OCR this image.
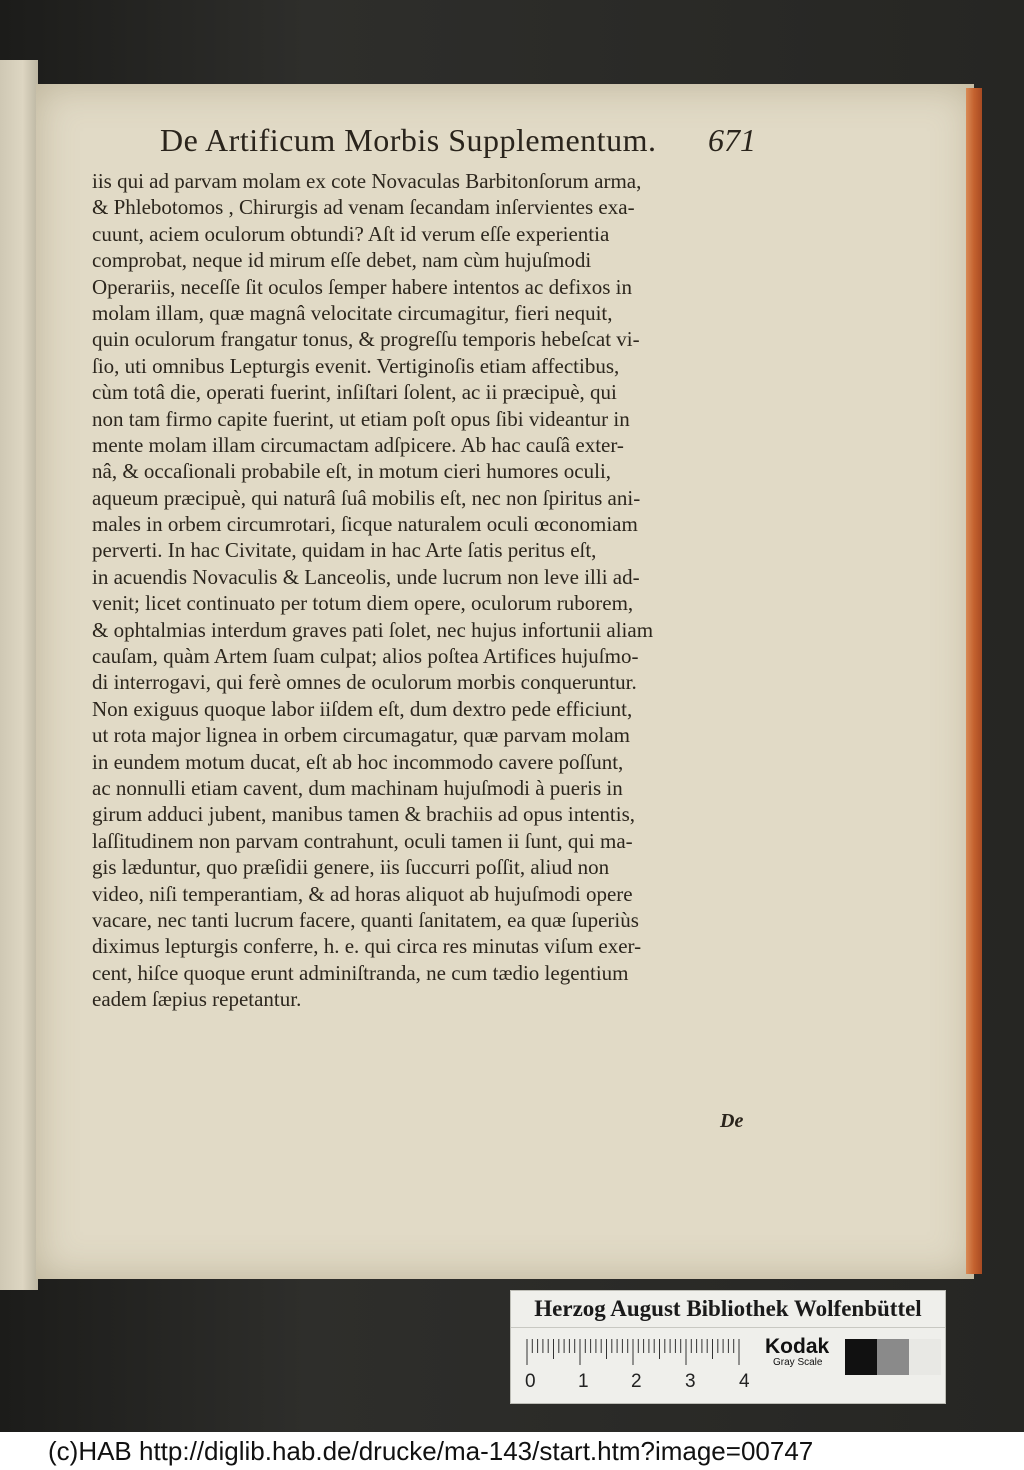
De Artificum Morbis Supplementum. 671
iis qui ad parvam molam ex cote Novaculas Barbitonſorum arma,
& Phlebotomos , Chirurgis ad venam ſecandam inſervientes exa-
cuunt, aciem oculorum obtundi? Aſt id verum eſſe experientia
comprobat, neque id mirum eſſe debet, nam cùm hujuſmodi
Operariis, neceſſe ſit oculos ſemper habere intentos ac defixos in
molam illam, quæ magnâ velocitate circumagitur, fieri nequit,
quin oculorum frangatur tonus, & progreſſu temporis hebeſcat vi-
ſio, uti omnibus Lepturgis evenit. Vertiginoſis etiam affectibus,
cùm totâ die, operati fuerint, inſiſtari ſolent, ac ii præcipuè, qui
non tam firmo capite fuerint, ut etiam poſt opus ſibi videantur in
mente molam illam circumactam adſpicere. Ab hac cauſâ exter-
nâ, & occaſionali probabile eſt, in motum cieri humores oculi,
aqueum præcipuè, qui naturâ ſuâ mobilis eſt, nec non ſpiritus ani-
males in orbem circumrotari, ſicque naturalem oculi œconomiam
perverti. In hac Civitate, quidam in hac Arte ſatis peritus eſt,
in acuendis Novaculis & Lanceolis, unde lucrum non leve illi ad-
venit; licet continuato per totum diem opere, oculorum ruborem,
& ophtalmias interdum graves pati ſolet, nec hujus infortunii aliam
cauſam, quàm Artem ſuam culpat; alios poſtea Artifices hujuſmo-
di interrogavi, qui ferè omnes de oculorum morbis conqueruntur.
Non exiguus quoque labor iiſdem eſt, dum dextro pede efficiunt,
ut rota major lignea in orbem circumagatur, quæ parvam molam
in eundem motum ducat, eſt ab hoc incommodo cavere poſſunt,
ac nonnulli etiam cavent, dum machinam hujuſmodi à pueris in
girum adduci jubent, manibus tamen & brachiis ad opus intentis,
laſſitudinem non parvam contrahunt, oculi tamen ii ſunt, qui ma-
gis læduntur, quo præſidii genere, iis ſuccurri poſſit, aliud non
video, niſi temperantiam, & ad horas aliquot ab hujuſmodi opere
vacare, nec tanti lucrum facere, quanti ſanitatem, ea quæ ſuperiùs
diximus lepturgis conferre, h. e. qui circa res minutas viſum exer-
cent, hiſce quoque erunt adminiſtranda, ne cum tædio legentium
eadem ſæpius repetantur.
De
Herzog August Bibliothek Wolfenbüttel
0 1 2 3 4
Kodak
Gray Scale
(c)HAB http://diglib.hab.de/drucke/ma-143/start.htm?image=00747
